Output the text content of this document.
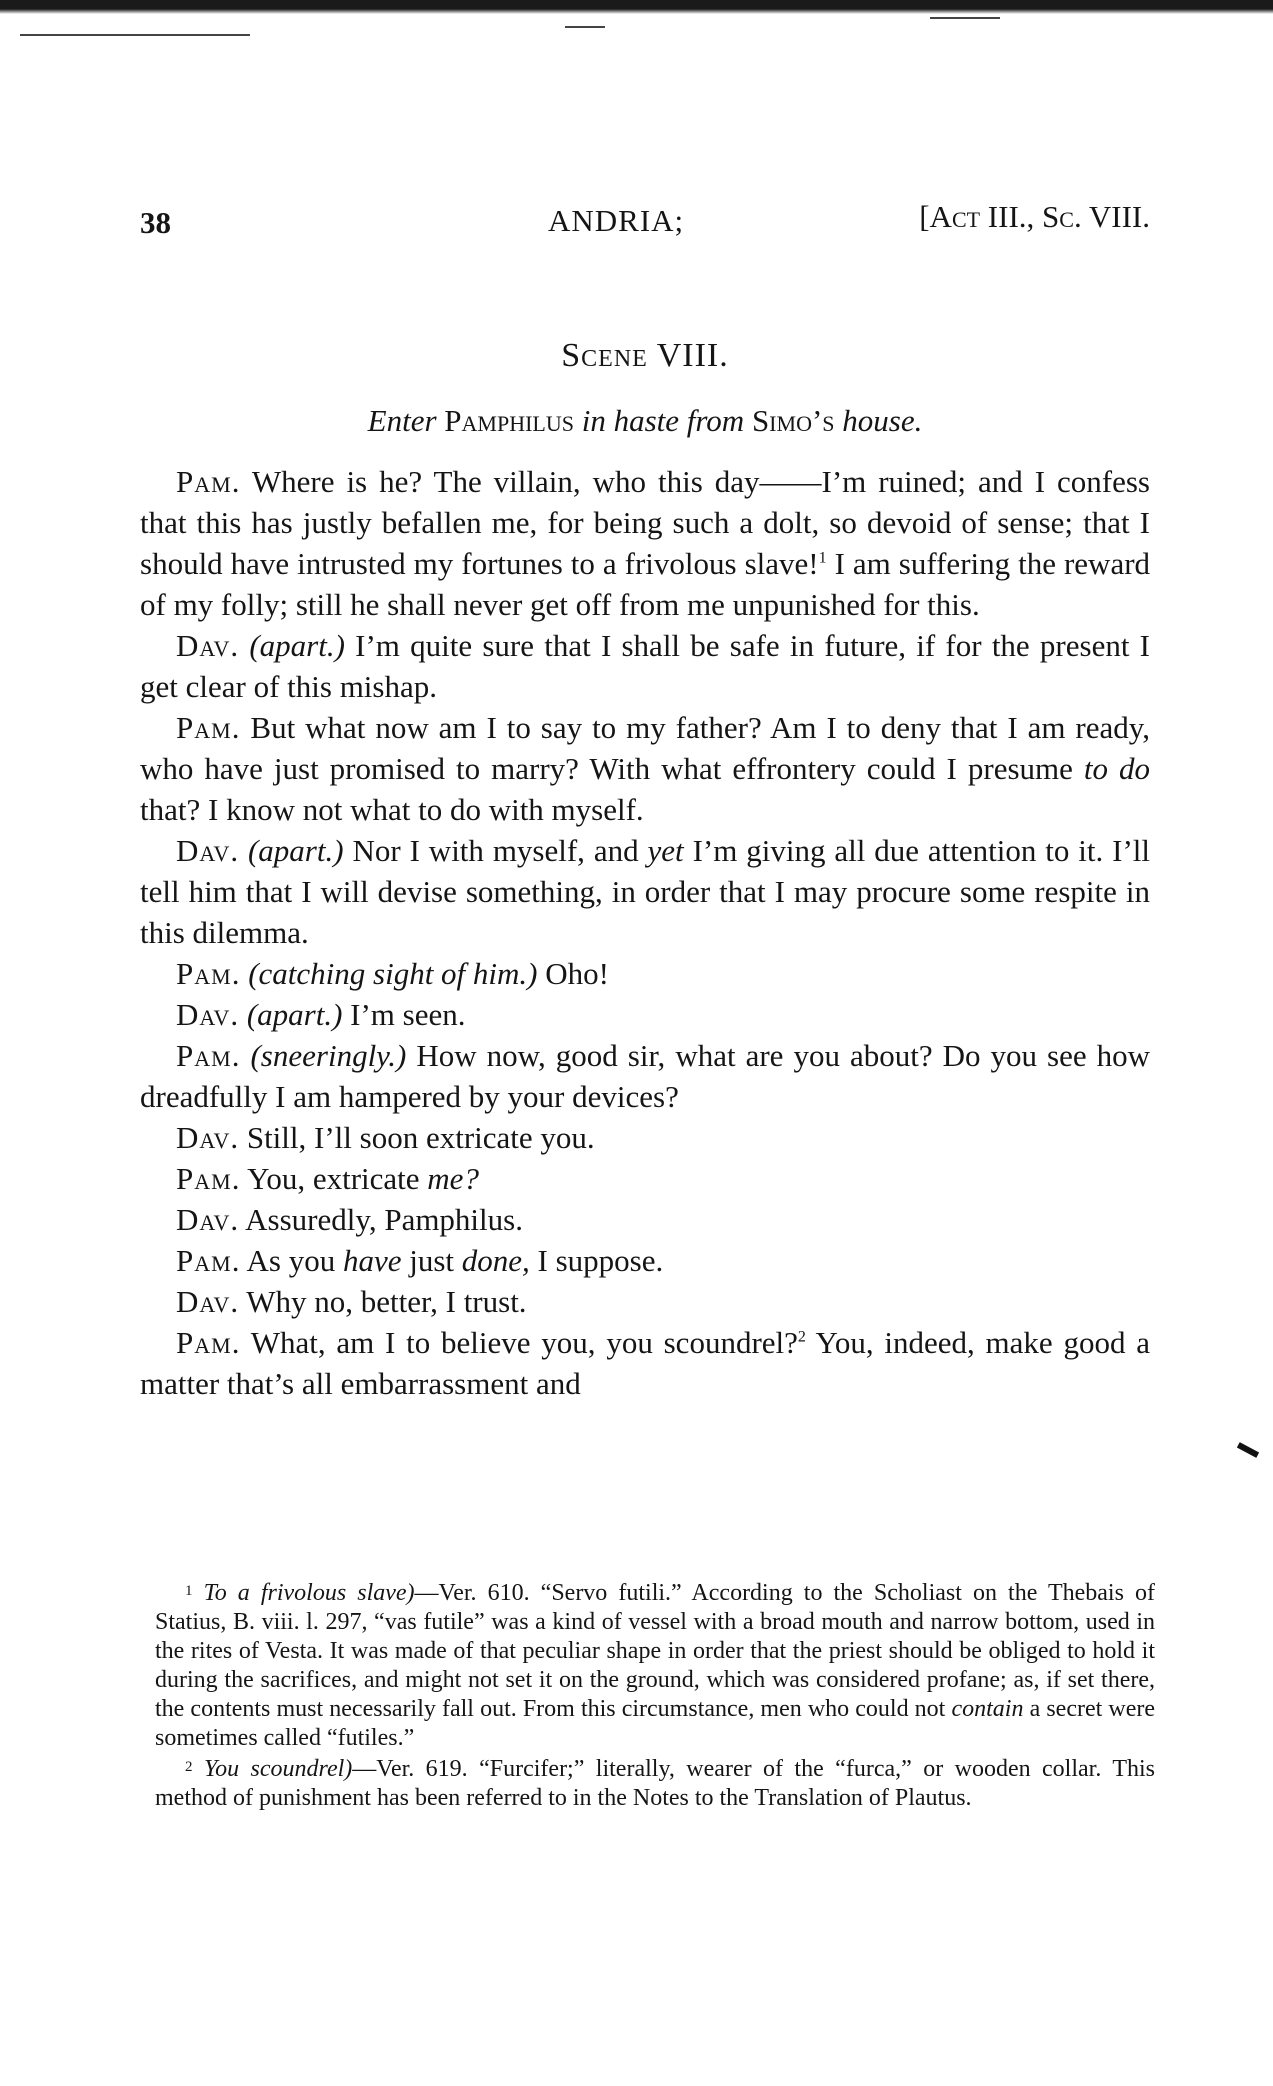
38	ANDRIA;	[Act III., Sc. VIII.
Scene VIII.
Enter Pamphilus in haste from Simo’s house.

Pam. Where is he? The villain, who this day——I’m ruined; and I confess that this has justly befallen me, for being such a dolt, so devoid of sense; that I should have intrusted my fortunes to a frivolous slave!$^1$ I am suffering the reward of my folly; still he shall never get off from me unpunished for this.

Dav. (apart.) I’m quite sure that I shall be safe in future, if for the present I get clear of this mishap.

Pam. But what now am I to say to my father? Am I to deny that I am ready, who have just promised to marry? With what effrontery could I presume to do that? I know not what to do with myself.

Dav. (apart.) Nor I with myself, and yet I’m giving all due attention to it. I’ll tell him that I will devise something, in order that I may procure some respite in this dilemma.

Pam. (catching sight of him.) Oho!

Dav. (apart.) I’m seen.

Pam. (sneeringly.) How now, good sir, what are you about? Do you see how dreadfully I am hampered by your devices?

Dav. Still, I’ll soon extricate you.

Pam. You, extricate me?

Dav. Assuredly, Pamphilus.

Pam. As you have just done, I suppose.

Dav. Why no, better, I trust.

Pam. What, am I to believe you, you scoundrel?$^2$ You, indeed, make good a matter that’s all embarrassment and

$^1$ To a frivolous slave)—Ver. 610. “Servo futili.” According to the Scholiast on the Thebais of Statius, B. viii. l. 297, “vas futile” was a kind of vessel with a broad mouth and narrow bottom, used in the rites of Vesta. It was made of that peculiar shape in order that the priest should be obliged to hold it during the sacrifices, and might not set it on the ground, which was considered profane; as, if set there, the contents must necessarily fall out. From this circumstance, men who could not contain a secret were sometimes called “futiles.”

$^2$ You scoundrel)—Ver. 619. “Furcifer;” literally, wearer of the “furca,” or wooden collar. This method of punishment has been referred to in the Notes to the Translation of Plautus.
